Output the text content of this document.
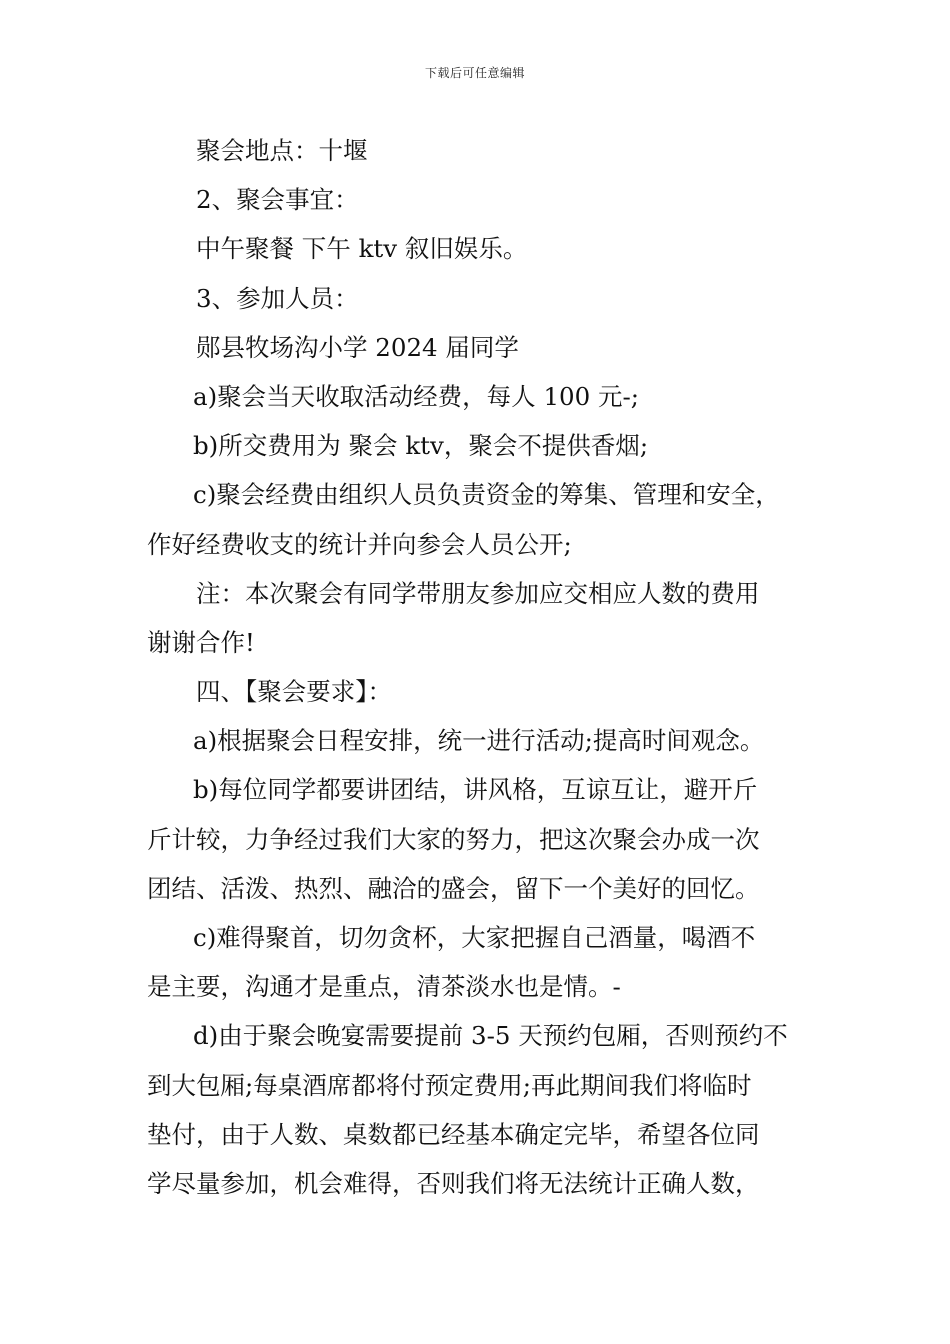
下载后可任意编辑
聚会地点：十堰
2、聚会事宜：
中午聚餐 下午 ktv 叙旧娱乐。
3、参加人员：
郧县牧场沟小学 2024 届同学
a)聚会当天收取活动经费，每人 100 元-;
b)所交费用为 聚会 ktv，聚会不提供香烟;
c)聚会经费由组织人员负责资金的筹集、管理和安全，
作好经费收支的统计并向参会人员公开;
注：本次聚会有同学带朋友参加应交相应人数的费用
谢谢合作!
四、【聚会要求】：
a)根据聚会日程安排，统一进行活动;提高时间观念。
b)每位同学都要讲团结，讲风格，互谅互让，避开斤
斤计较，力争经过我们大家的努力，把这次聚会办成一次
团结、活泼、热烈、融洽的盛会，留下一个美好的回忆。
c)难得聚首，切勿贪杯，大家把握自己酒量，喝酒不
是主要，沟通才是重点，清茶淡水也是情。-
d)由于聚会晚宴需要提前 3-5 天预约包厢，否则预约不
到大包厢;每桌酒席都将付预定费用;再此期间我们将临时
垫付，由于人数、桌数都已经基本确定完毕，希望各位同
学尽量参加，机会难得，否则我们将无法统计正确人数，
